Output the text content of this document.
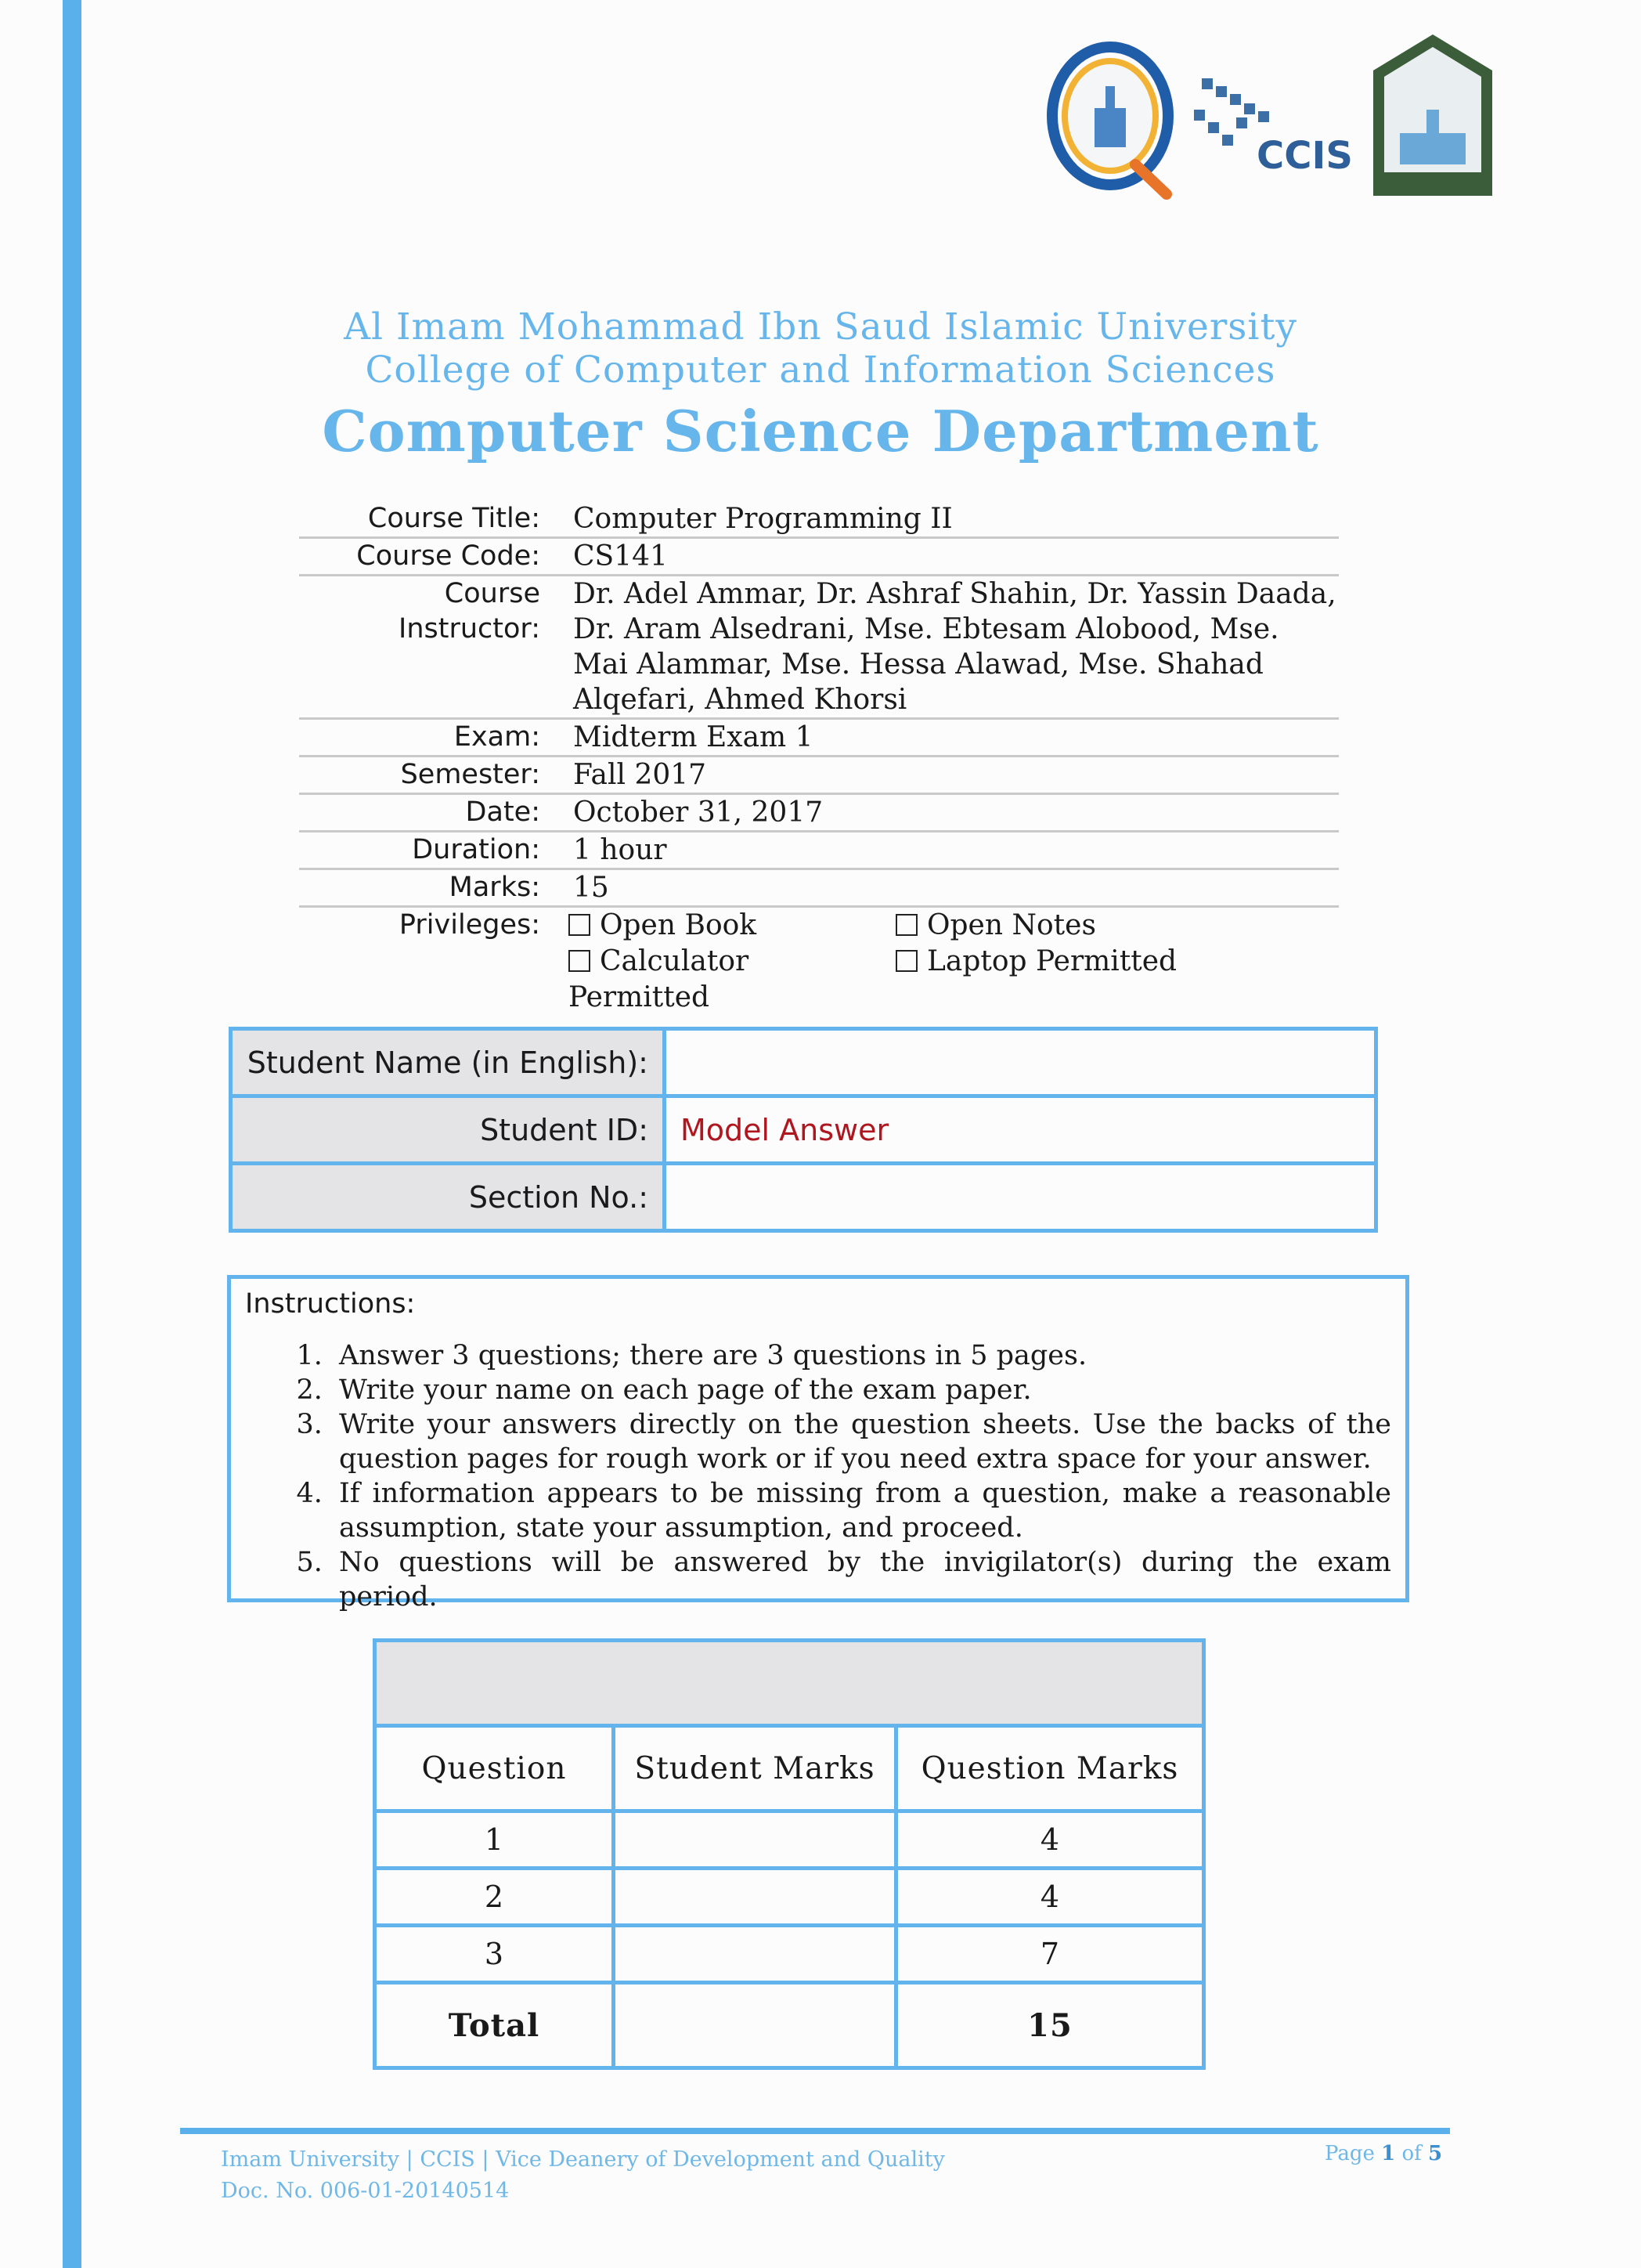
CCIS
Al Imam Mohammad Ibn Saud Islamic University
College of Computer and Information Sciences
Computer Science Department
Course Title:	Computer Programming II
Course Code:	CS141
Course Instructor:
Dr. Adel Ammar, Dr. Ashraf Shahin, Dr. Yassin Daada, Dr. Aram Alsedrani, Mse. Ebtesam Alobood, Mse. Mai Alammar, Mse. Hessa Alawad, Mse. Shahad Alqefari, Ahmed Khorsi
Exam:	Midterm Exam 1
Semester:	Fall 2017
Date:	October 31, 2017
Duration:	1 hour
Marks:	15
Privileges:	Open Book	Open Notes
Calculator Permitted
Laptop Permitted
Student Name (in English):	
Student ID:	Model Answer
Section No.:	
Instructions:
1. Answer 3 questions; there are 3 questions in 5 pages.
2. Write your name on each page of the exam paper.
3. Write your answers directly on the question sheets. Use the backs of the question pages for rough work or if you need extra space for your answer.
4. If information appears to be missing from a question, make a reasonable assumption, state your assumption, and proceed.
5. No questions will be answered by the invigilator(s) during the exam period.

Question	Student Marks	Question Marks
1		4
2		4
3		7
Total		15
Imam University | CCIS | Vice Deanery of Development and Quality
Doc. No. 006-01-20140514
Page 1 of 5
